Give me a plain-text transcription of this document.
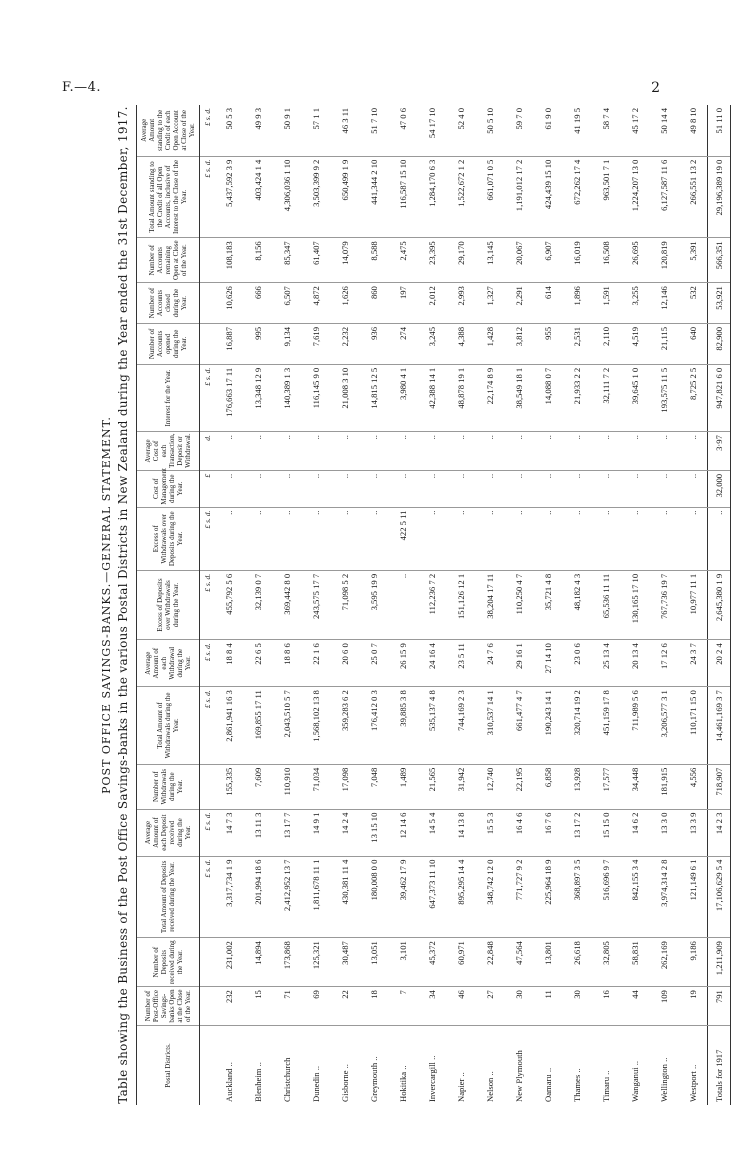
F.—4.	2
POST OFFICE SAVINGS-BANKS.—GENERAL STATEMENT. Table showing the Business of the Post Office Savings-banks in the various Postal Districts in New Zealand during the Year ended the 31st December, 1917.	Postal Districts.	Number of Post-Office Savings-banks Open at the Close of the Year.	Number of Deposits received during the Year.	Total Amount of Deposits received during the Year.	Average Amount of each Deposit received during the Year.	Number of Withdrawals during the Year.	Total Amount of Withdrawals during the Year.	Average Amount of each Withdrawal during the Year.	Excess of Deposits over Withdrawals during the Year.	Excess of Withdrawals over Deposits during the Year.	Cost of Management during the Year.	Average Cost of each Transaction, Deposit or Withdrawal.	Interest for the Year.	Number of Accounts opened during the Year.	Number of Accounts closed during the Year.	Number of Accounts remaining Open at Close of the Year.	Total Amount standing to the Credit of all Open Accounts, inclusive of Interest to the Close of the Year.	Average Amount standing to the Credit of each Open Account at Close of the Year.
			£ s. d.	£ s. d.		£ s. d.	£ s. d.	£ s. d.	£ s. d.	£	d.	£ s. d.				£ s. d.	£ s. d.
Auckland ..	232	231,002	3,317,734 1 9	14 7 3	155,335	2,861,941 16 3	18 8 4	455,792 5 6	..	..	..	176,663 17 11	16,887	10,626	108,183	5,437,592 3 9	50 5 3
Blenheim ..	15	14,894	201,994 18 6	13 11 3	7,609	169,855 17 11	22 6 5	32,139 0 7	..	..	..	13,348 12 9	995	666	8,156	403,424 1 4	49 9 3
Christchurch	71	173,868	2,412,952 13 7	13 17 7	110,910	2,043,510 5 7	18 8 6	369,442 8 0	..	..	..	140,389 1 3	9,134	6,507	85,347	4,306,036 1 10	50 9 1
Dunedin ..	69	125,321	1,811,678 11 1	14 9 1	71,034	1,568,102 13 8	22 1 6	243,575 17 7	..	..	..	116,145 9 0	7,619	4,872	61,407	3,503,399 9 2	57 1 1
Gisborne ..	22	30,487	430,381 11 4	14 2 4	17,098	359,283 6 2	20 6 0	71,098 5 2	..	..	..	21,008 3 10	2,232	1,626	14,079	650,499 1 9	46 3 11
Greymouth ..	18	13,051	180,008 0 0	13 15 10	7,048	176,412 0 3	25 0 7	3,595 19 9	..	..	..	14,815 12 5	936	860	8,588	441,344 2 10	51 7 10
Hokitika ..	7	3,101	39,462 17 9	12 14 6	1,489	39,885 3 8	26 15 9	..	422 5 11	..	..	3,980 4 1	274	197	2,475	116,587 15 10	47 0 6
Invercargill ..	34	45,372	647,373 11 10	14 5 4	21,565	535,137 4 8	24 16 4	112,236 7 2	..	..	..	42,388 14 1	3,245	2,012	23,395	1,284,170 6 3	54 17 10
Napier ..	46	60,971	895,295 14 4	14 13 8	31,942	744,169 2 3	23 5 11	151,126 12 1	..	..	..	48,878 19 1	4,388	2,993	29,170	1,522,672 1 2	52 4 0
Nelson ..	27	22,848	348,742 12 0	15 5 3	12,740	310,537 14 1	24 7 6	38,204 17 11	..	..	..	22,174 8 9	1,428	1,327	13,145	661,071 0 5	50 5 10
New Plymouth	30	47,564	771,727 9 2	16 4 6	22,195	661,477 4 7	29 16 1	110,250 4 7	..	..	..	38,549 18 1	3,812	2,291	20,067	1,191,012 17 2	59 7 0
Oamaru ..	11	13,801	225,964 18 9	16 7 6	6,858	190,243 14 1	27 14 10	35,721 4 8	..	..	..	14,088 0 7	955	614	6,907	424,439 15 10	61 9 0
Thames ..	30	26,618	368,897 3 5	13 17 2	13,928	320,714 19 2	23 0 6	48,182 4 3	..	..	..	21,933 2 2	2,531	1,896	16,019	672,262 17 4	41 19 5
Timaru ..	16	32,805	516,696 9 7	15 15 0	17,577	451,159 17 8	25 13 4	65,536 11 11	..	..	..	32,111 7 2	2,110	1,591	16,508	963,501 7 1	58 7 4
Wanganui ..	44	58,831	842,155 3 4	14 6 2	34,448	711,989 5 6	20 13 4	130,165 17 10	..	..	..	39,645 1 0	4,519	3,255	26,695	1,224,207 13 0	45 17 2
Wellington ..	109	262,169	3,974,314 2 8	13 3 0	181,915	3,206,577 3 1	17 12 6	767,736 19 7	..	..	..	193,575 11 5	21,115	12,146	120,819	6,127,587 11 6	50 14 4
Westport ..	19	9,186	121,149 6 1	13 3 9	4,556	110,171 15 0	24 3 7	10,977 11 1	..	..	..	8,725 2 5	640	532	5,391	266,551 13 2	49 8 10
Totals for 1917	791	1,211,909	17,106,629 5 4	14 2 3	718,907	14,461,169 3 7	20 2 4	2,645,380 1 9	..	32,000	3·97	947,821 6 0	82,900	53,921	566,351	29,196,389 19 0	51 11 0
